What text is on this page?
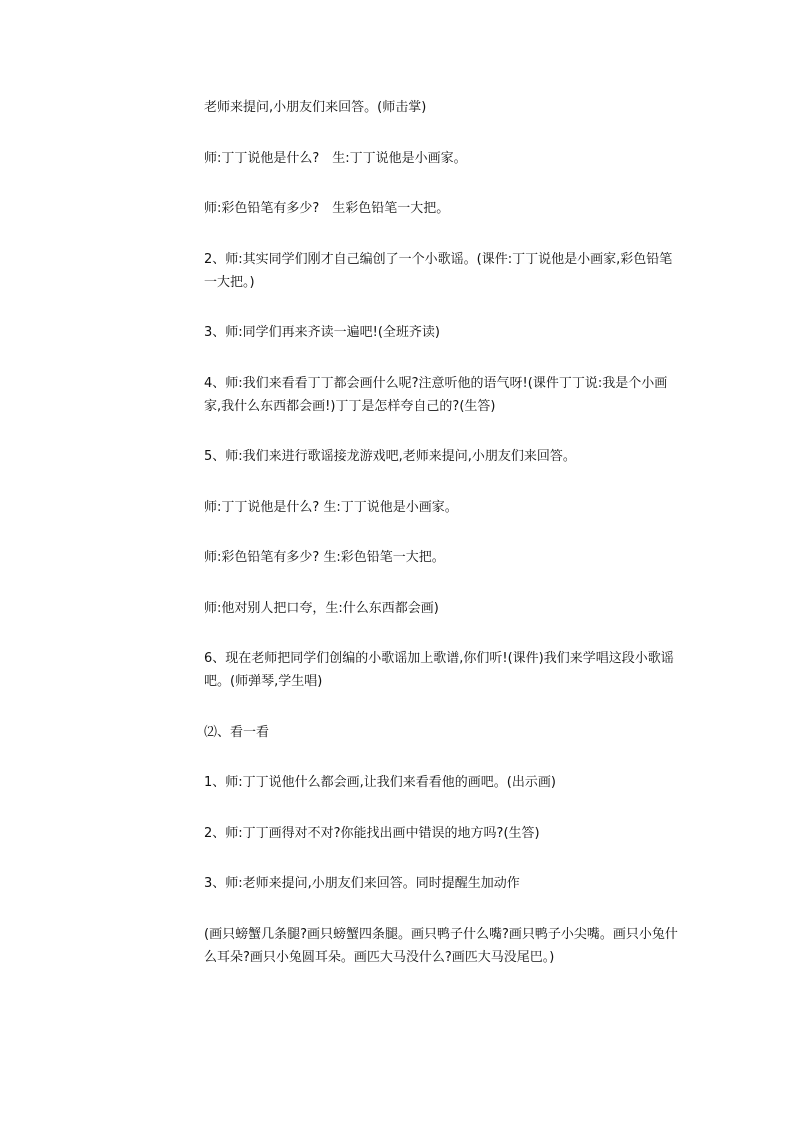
老师来提问,小朋友们来回答。(师击掌)

师:丁丁说他是什么?　生:丁丁说他是小画家。

师:彩色铅笔有多少?　生彩色铅笔一大把。

2、师:其实同学们刚才自己编创了一个小歌谣。(课件:丁丁说他是小画家,彩色铅笔一大把。)

3、师:同学们再来齐读一遍吧!(全班齐读)

4、师:我们来看看丁丁都会画什么呢?注意听他的语气呀!(课件丁丁说:我是个小画家,我什么东西都会画!)丁丁是怎样夸自己的?(生答)

5、师:我们来进行歌谣接龙游戏吧,老师来提问,小朋友们来回答。

师:丁丁说他是什么? 生:丁丁说他是小画家。

师:彩色铅笔有多少? 生:彩色铅笔一大把。

师:他对别人把口夸，生:什么东西都会画)

6、现在老师把同学们创编的小歌谣加上歌谱,你们听!(课件)我们来学唱这段小歌谣吧。(师弹琴,学生唱)

⑵、看一看

1、师:丁丁说他什么都会画,让我们来看看他的画吧。(出示画)

2、师:丁丁画得对不对?你能找出画中错误的地方吗?(生答)

3、师:老师来提问,小朋友们来回答。同时提醒生加动作

(画只螃蟹几条腿?画只螃蟹四条腿。画只鸭子什么嘴?画只鸭子小尖嘴。画只小兔什么耳朵?画只小兔圆耳朵。画匹大马没什么?画匹大马没尾巴。)
